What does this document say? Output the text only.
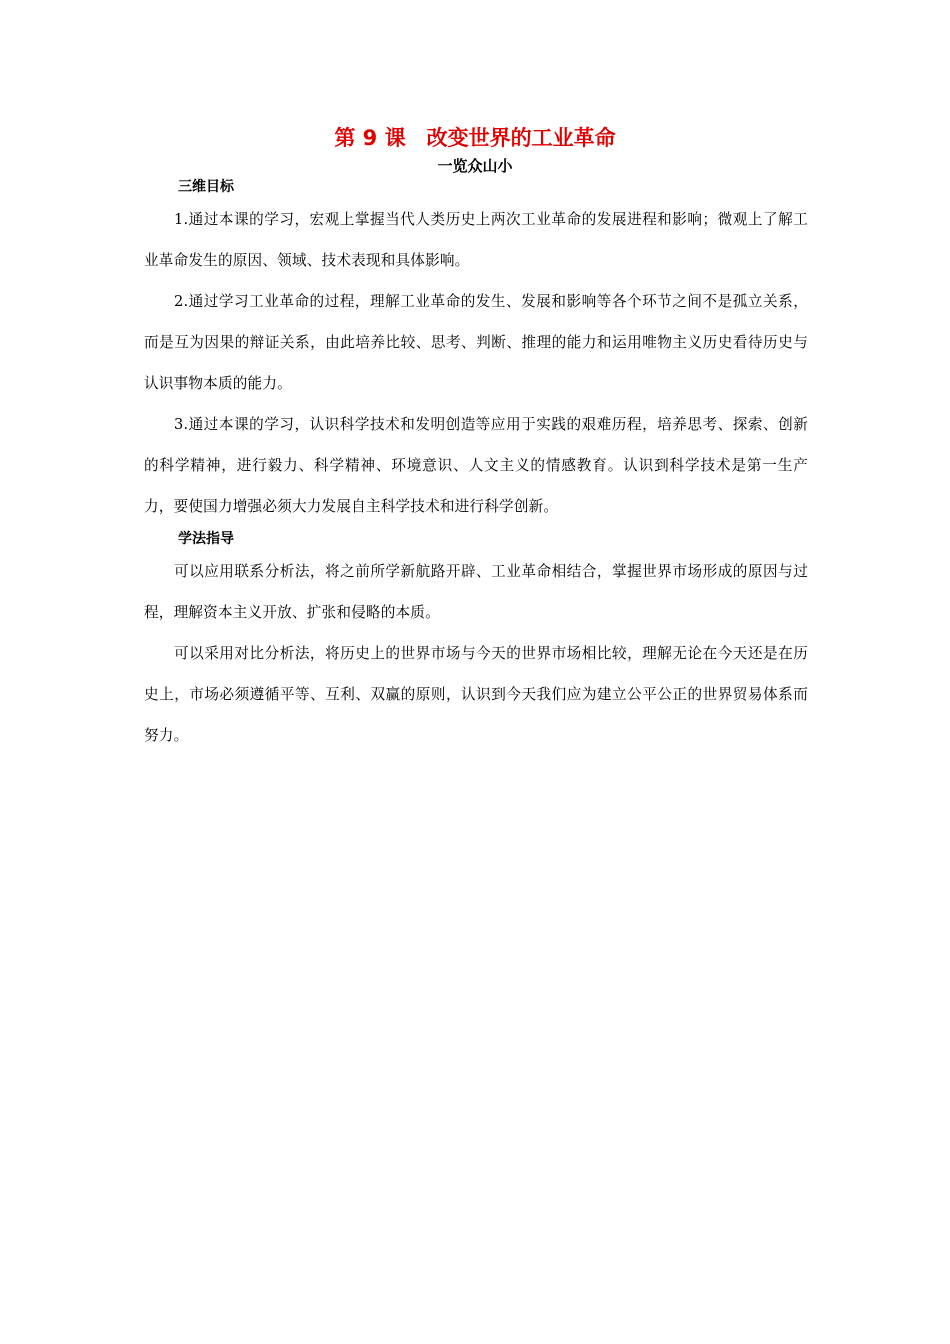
第 9 课　改变世界的工业革命
一览众山小
三维目标

1.通过本课的学习，宏观上掌握当代人类历史上两次工业革命的发展进程和影响；微观上了解工业革命发生的原因、领域、技术表现和具体影响。

2.通过学习工业革命的过程，理解工业革命的发生、发展和影响等各个环节之间不是孤立关系，而是互为因果的辩证关系，由此培养比较、思考、判断、推理的能力和运用唯物主义历史看待历史与认识事物本质的能力。

3.通过本课的学习，认识科学技术和发明创造等应用于实践的艰难历程，培养思考、探索、创新的科学精神，进行毅力、科学精神、环境意识、人文主义的情感教育。认识到科学技术是第一生产力，要使国力增强必须大力发展自主科学技术和进行科学创新。

学法指导

可以应用联系分析法，将之前所学新航路开辟、工业革命相结合，掌握世界市场形成的原因与过程，理解资本主义开放、扩张和侵略的本质。

可以采用对比分析法，将历史上的世界市场与今天的世界市场相比较，理解无论在今天还是在历史上，市场必须遵循平等、互利、双赢的原则，认识到今天我们应为建立公平公正的世界贸易体系而努力。
